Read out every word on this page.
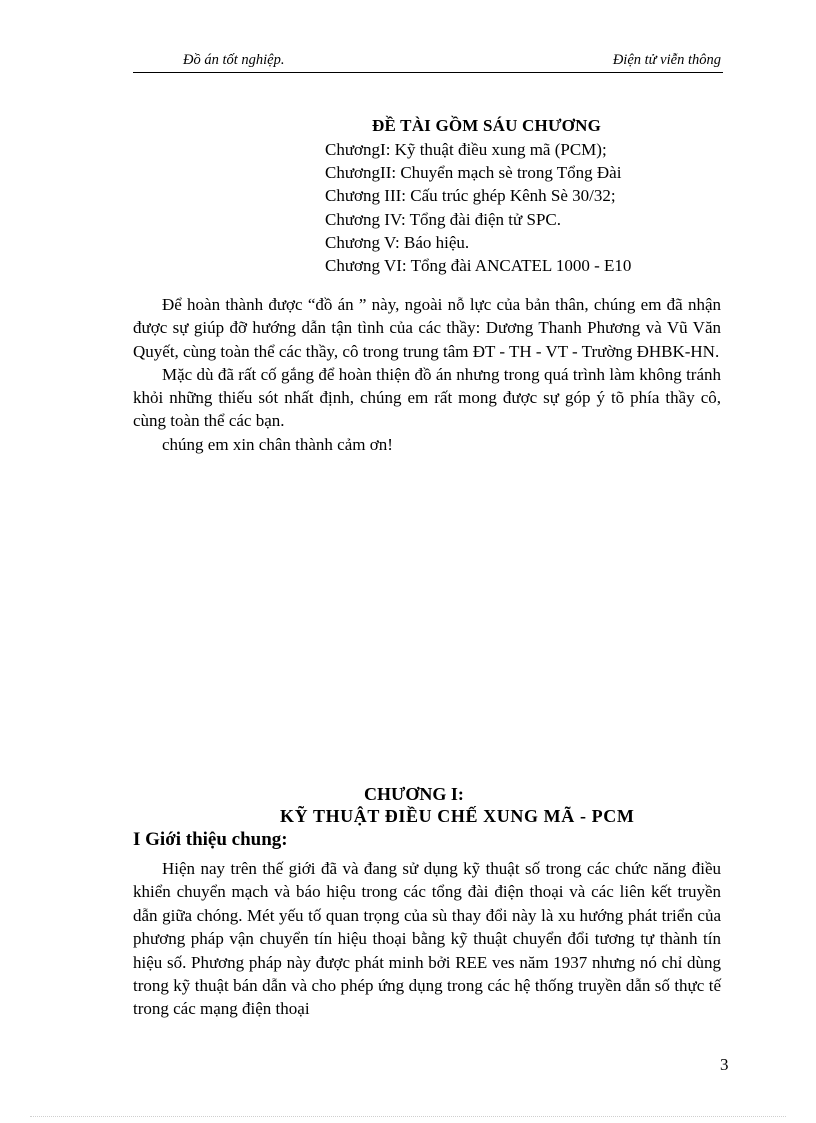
Đồ án tốt nghiệp.	Điện tử viễn thông
ĐỀ TÀI GỒM SÁU CHƯƠNG
ChươngI: Kỹ thuật điều xung mã (PCM);
ChươngII: Chuyển mạch sè trong Tổng Đài
Chương III: Cấu trúc ghép Kênh Sè 30/32;
Chương IV: Tổng đài điện tử SPC.
Chương V: Báo hiệu.
Chương VI: Tổng đài ANCATEL 1000 - E10

Để hoàn thành được “đồ án ” này, ngoài nỗ lực của bản thân, chúng em đã nhận được sự giúp đỡ hướng dẫn tận tình của các thầy: Dương Thanh Phương và Vũ Văn Quyết, cùng toàn thể các thầy, cô trong trung tâm ĐT - TH - VT - Trường ĐHBK-HN.

Mặc dù đã rất cố gắng để hoàn thiện đồ án nhưng trong quá trình làm không tránh khỏi những thiếu sót nhất định, chúng em rất mong được sự góp ý tõ phía thầy cô, cùng toàn thể các bạn.

chúng em xin chân thành cảm ơn!

CHƯƠNG I:
KỸ THUẬT ĐIỀU CHẾ XUNG MÃ - PCM
I Giới thiệu chung:

Hiện nay trên thế giới đã và đang sử dụng kỹ thuật số trong các chức năng điều khiển chuyển mạch và báo hiệu trong các tổng đài điện thoại và các liên kết truyền dẫn giữa chóng. Mét yếu tố quan trọng của sù thay đổi này là xu hướng phát triển của phương pháp vận chuyển tín hiệu thoại bằng kỹ thuật chuyển đổi tương tự thành tín hiệu số. Phương pháp này được phát minh bởi REE ves năm 1937 nhưng nó chỉ dùng trong kỹ thuật bán dẫn và cho phép ứng dụng trong các hệ thống truyền dẫn số thực tế trong các mạng điện thoại

3
